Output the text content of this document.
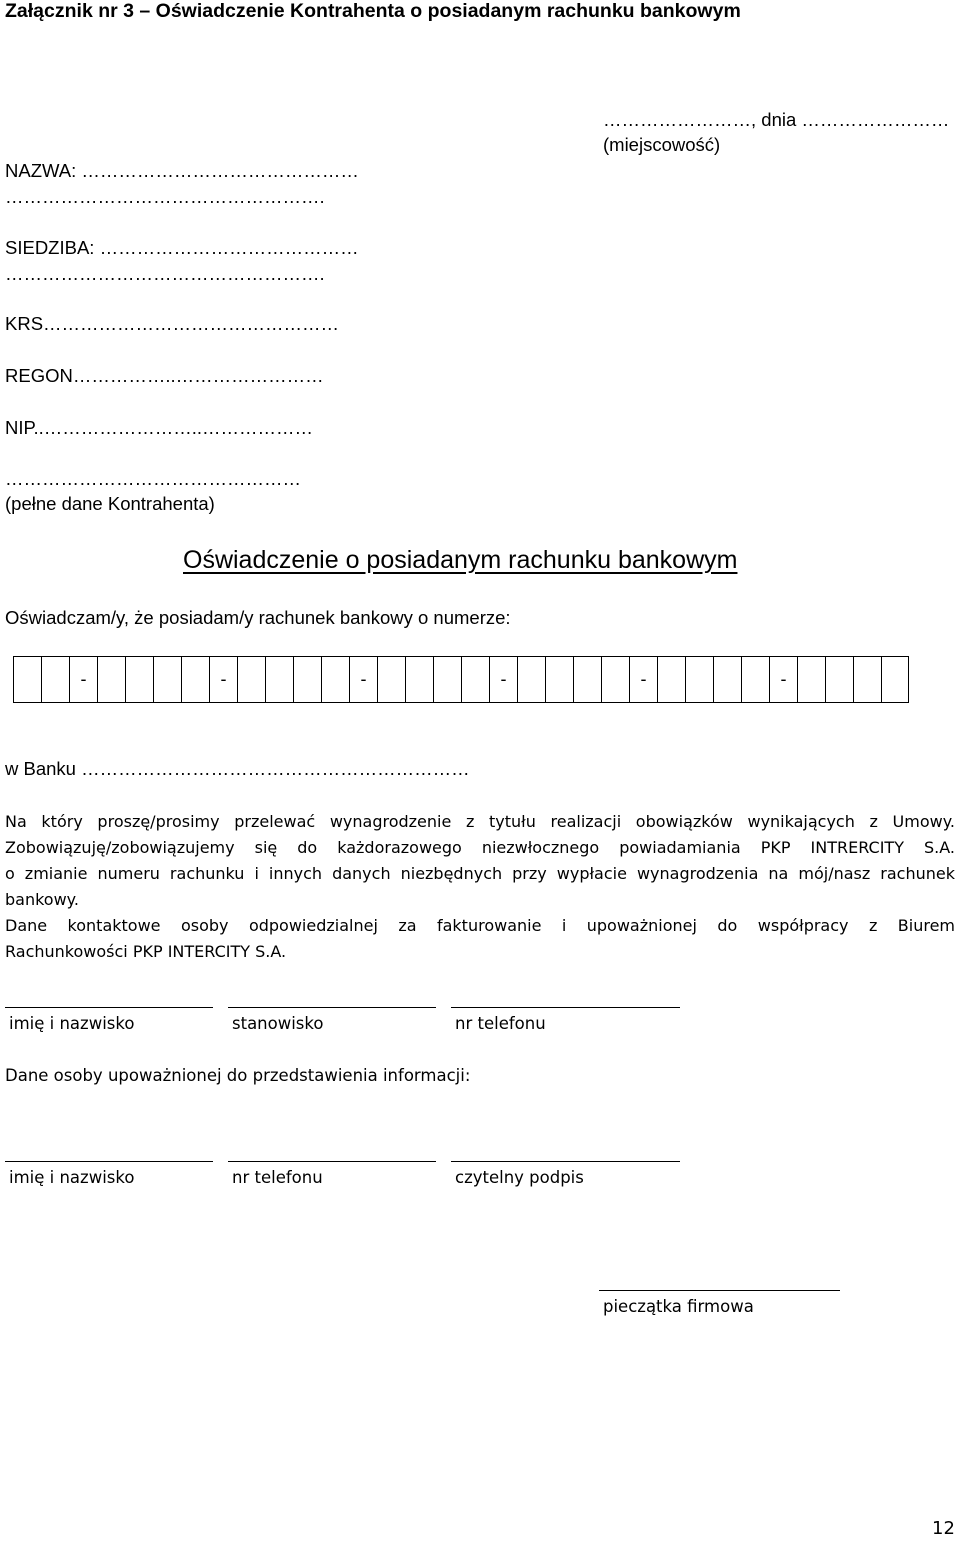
Załącznik nr 3 – Oświadczenie Kontrahenta o posiadanym rachunku bankowym
……………………, dnia ……………………
(miejscowość)
NAZWA: ………………………………………
…………………………………………….
SIEDZIBA: ……………………………………
…………………………………………….
KRS…………………………………………
REGON……………..……………………
NIP..……………………..………………
…………………………………………
(pełne dane Kontrahenta)
Oświadczenie o posiadanym rachunku bankowym
Oświadczam/y, że posiadam/y rachunek bankowy o numerze:
-	-	-	-	-	-
w Banku ………………………………………………………

Na który proszę/prosimy przelewać wynagrodzenie z tytułu realizacji obowiązków wynikających z Umowy.

Zobowiązuję/zobowiązujemy się do każdorazowego niezwłocznego powiadamiania PKP INTRERCITY S.A.

o zmianie numeru rachunku i innych danych niezbędnych przy wypłacie wynagrodzenia na mój/nasz rachunek

bankowy.

Dane kontaktowe osoby odpowiedzialnej za fakturowanie i upoważnionej do współpracy z Biurem

Rachunkowości PKP INTERCITY S.A.

imię i nazwisko	stanowisko	nr telefonu
Dane osoby upoważnionej do przedstawienia informacji:
imię i nazwisko	nr telefonu	czytelny podpis
pieczątka firmowa
12
